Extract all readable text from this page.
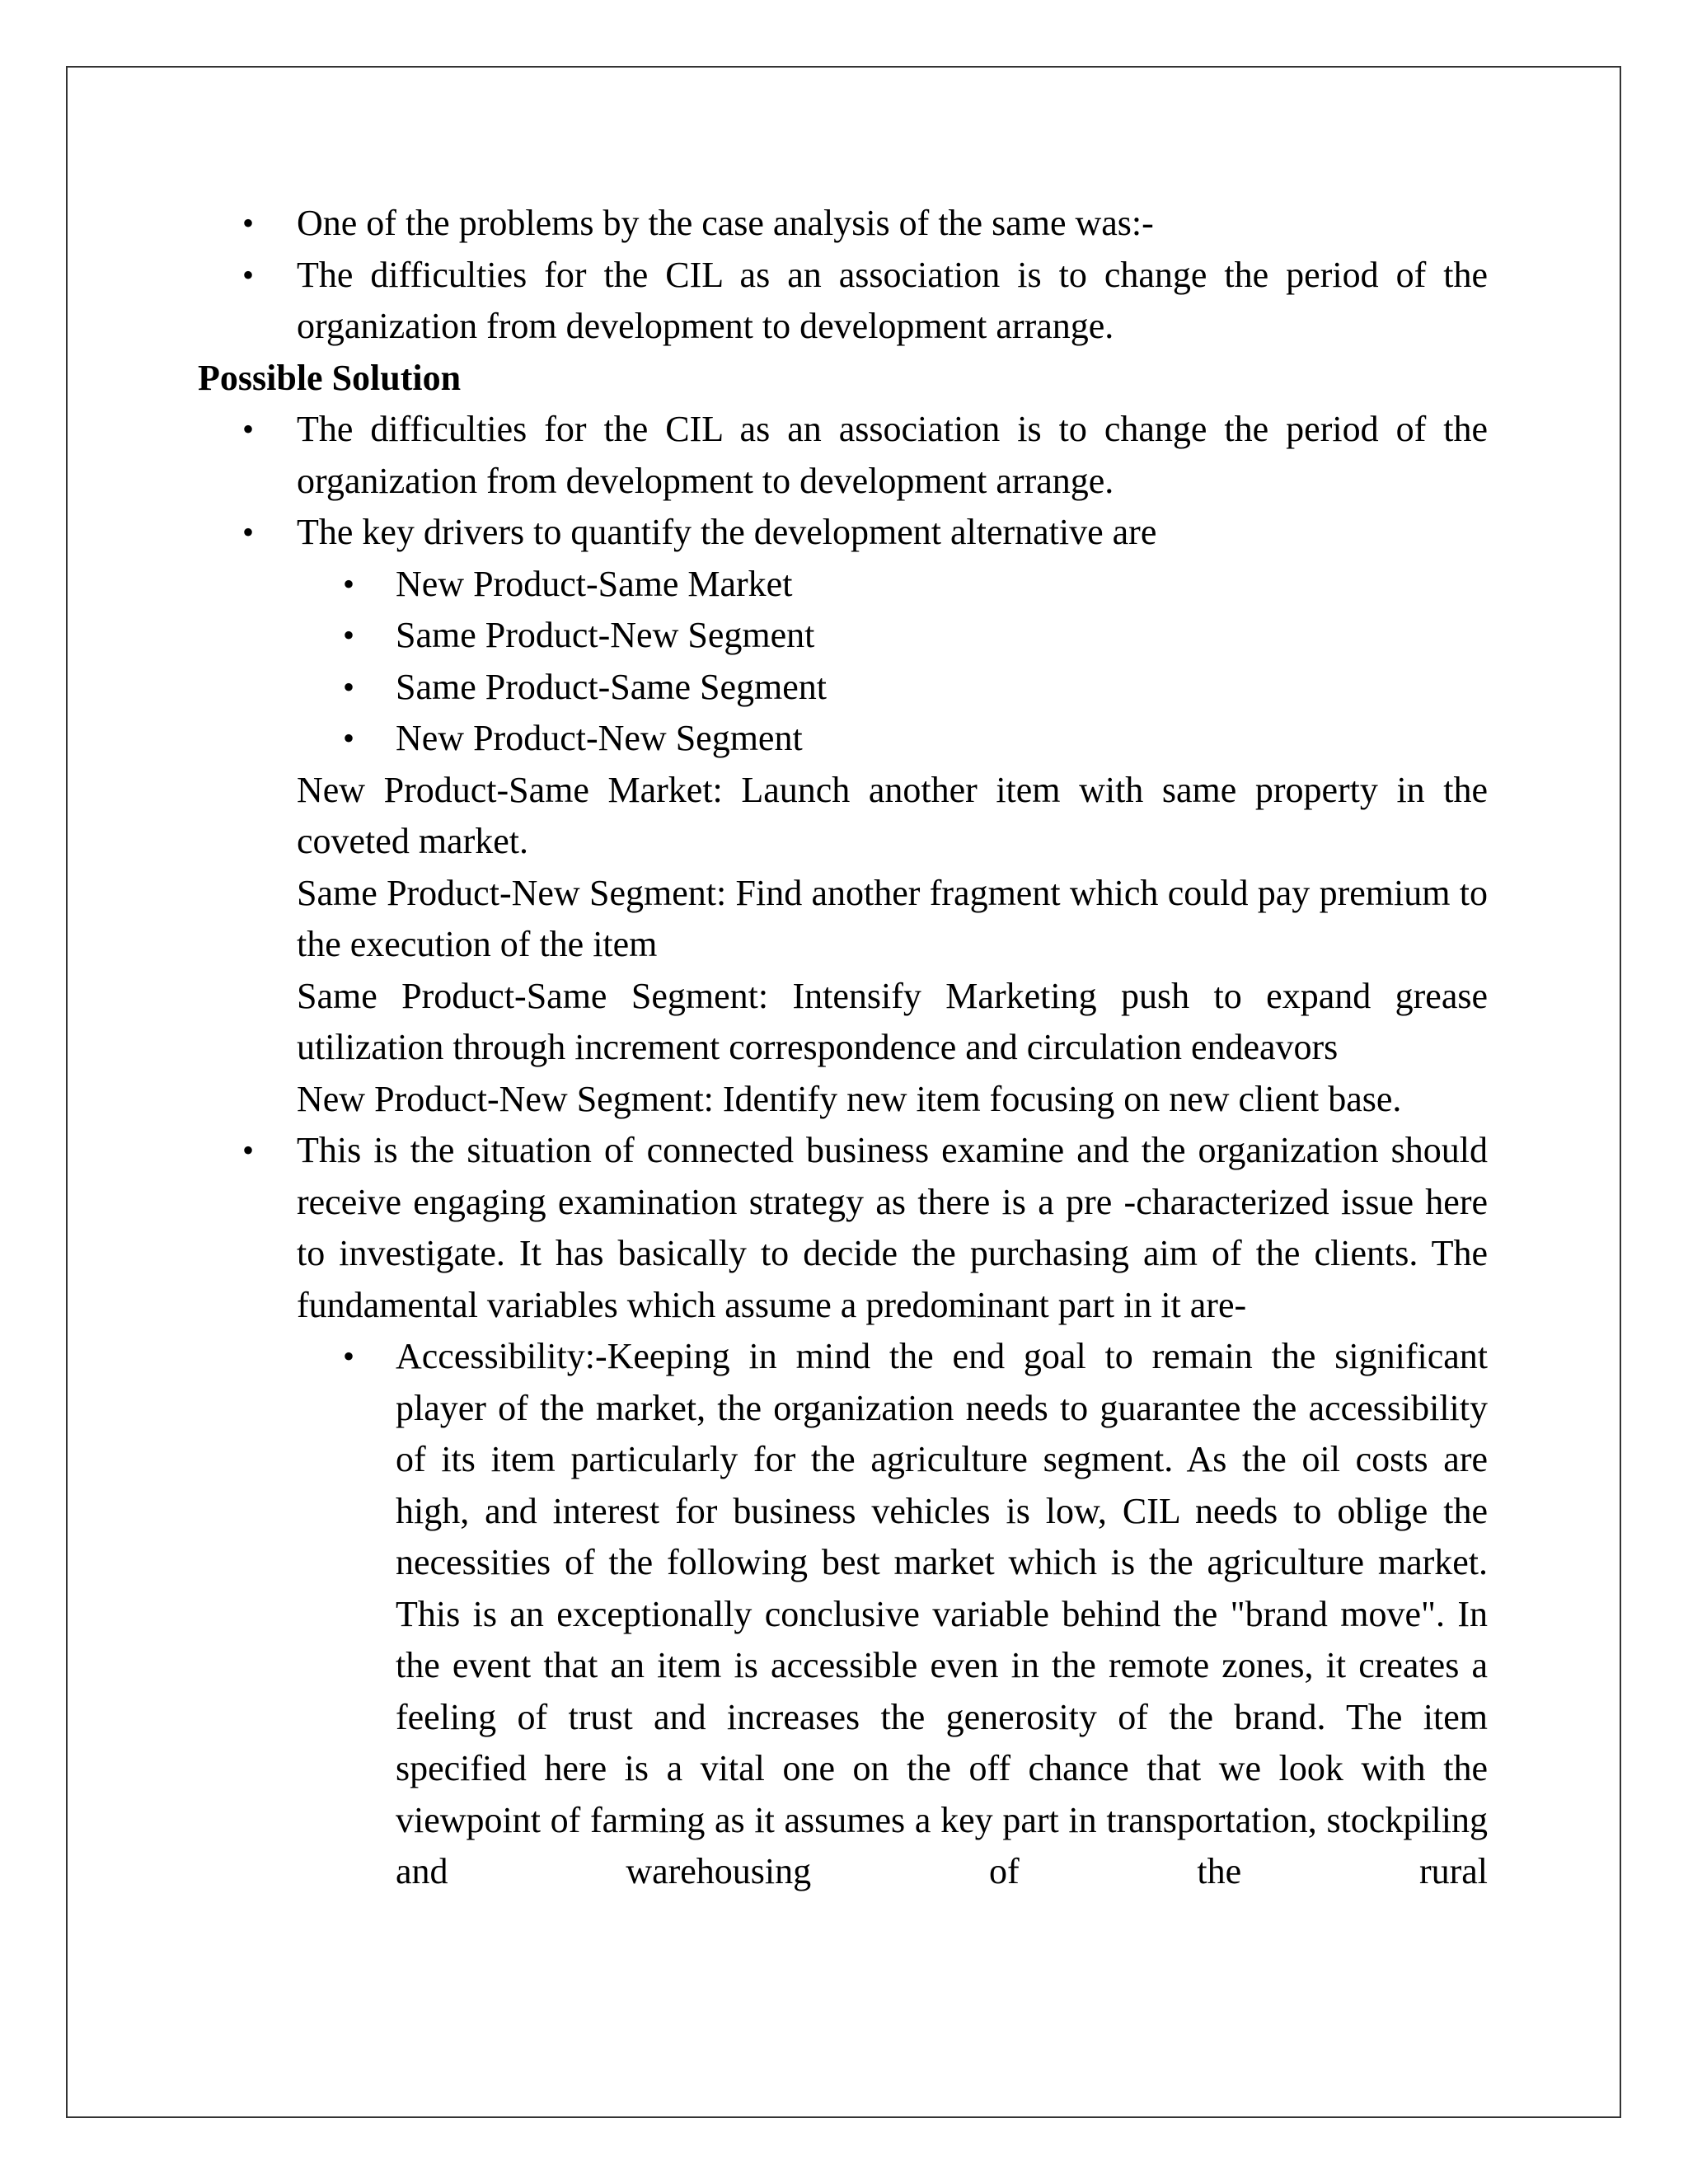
• One of the problems by the case analysis of the same was:-
• The difficulties for the CIL as an association is to change the period of the organization from development to development arrange.
Possible Solution
• The difficulties for the CIL as an association is to change the period of the organization from development to development arrange.
• The key drivers to quantify the development alternative are
• New Product-Same Market
• Same Product-New Segment
• Same Product-Same Segment
• New Product-New Segment
New Product-Same Market: Launch another item with same property in the coveted market.
Same Product-New Segment: Find another fragment which could pay premium to the execution of the item
Same Product-Same Segment: Intensify Marketing push to expand grease utilization through increment correspondence and circulation endeavors
New Product-New Segment: Identify new item focusing on new client base.
• This is the situation of connected business examine and the organization should receive engaging examination strategy as there is a pre -characterized issue here to investigate. It has basically to decide the purchasing aim of the clients. The fundamental variables which assume a predominant part in it are-
• Accessibility:-Keeping in mind the end goal to remain the significant player of the market, the organization needs to guarantee the accessibility of its item particularly for the agriculture segment. As the oil costs are high, and interest for business vehicles is low, CIL needs to oblige the necessities of the following best market which is the agriculture market. This is an exceptionally conclusive variable behind the "brand move". In the event that an item is accessible even in the remote zones, it creates a feeling of trust and increases the generosity of the brand. The item specified here is a vital one on the off chance that we look with the viewpoint of farming as it assumes a key part in transportation, stockpiling and warehousing of the rural
